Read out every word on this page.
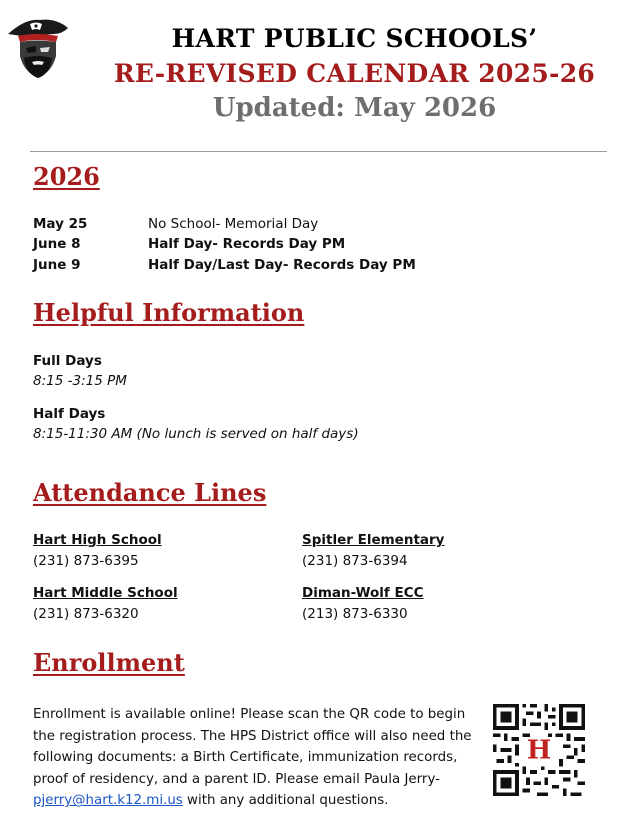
HART PUBLIC SCHOOLS’
RE-REVISED CALENDAR 2025-26
Updated: May 2026
2026
May 25	No School- Memorial Day
June 8	Half Day- Records Day PM
June 9	Half Day/Last Day- Records Day PM
Helpful Information
Full Days
8:15 -3:15 PM
Half Days
8:15-11:30 AM (No lunch is served on half days)
Attendance Lines
Hart High School
(231) 873-6395
Spitler Elementary
(231) 873-6394
Hart Middle School
(231) 873-6320
Diman-Wolf ECC
(213) 873-6330
Enrollment
Enrollment is available online! Please scan the QR code to begin the registration process. The HPS District office will also need the following documents: a Birth Certificate, immunization records, proof of residency, and a parent ID. Please email Paula Jerry-
pjerry@hart.k12.mi.us with any additional questions.
H
